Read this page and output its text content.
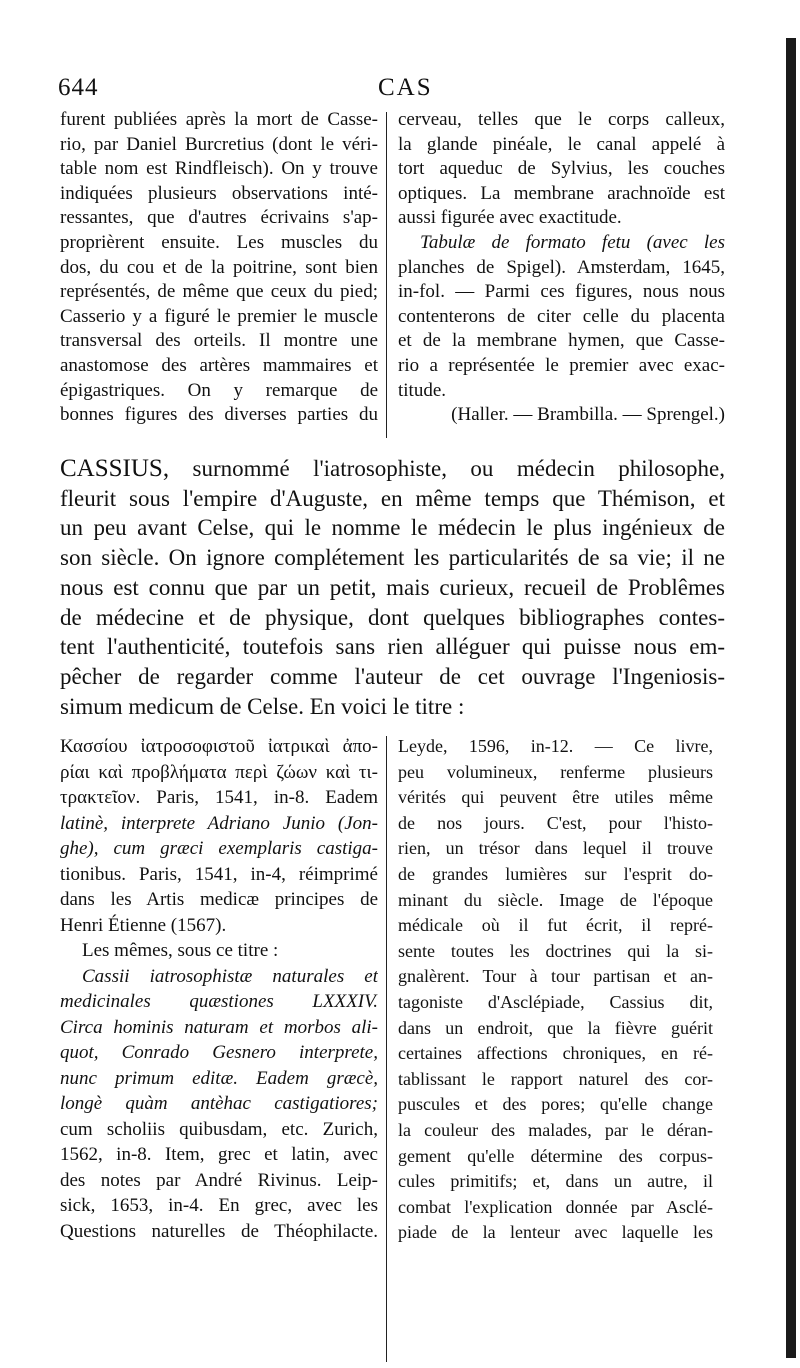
644	CAS
furent publiées après la mort de Casse-
rio, par Daniel Burcretius (dont le véri-
table nom est Rindfleisch). On y trouve
indiquées plusieurs observations inté-
ressantes, que d'autres écrivains s'ap-
proprièrent ensuite. Les muscles du
dos, du cou et de la poitrine, sont bien
représentés, de même que ceux du pied;
Casserio y a figuré le premier le muscle
transversal des orteils. Il montre une
anastomose des artères mammaires et
épigastriques. On y remarque de
bonnes figures des diverses parties du
cerveau, telles que le corps calleux,
la glande pinéale, le canal appelé à
tort aqueduc de Sylvius, les couches
optiques. La membrane arachnoïde est
aussi figurée avec exactitude.
Tabulæ de formato fetu (avec les
planches de Spigel). Amsterdam, 1645,
in-fol. — Parmi ces figures, nous nous
contenterons de citer celle du placenta
et de la membrane hymen, que Casse-
rio a représentée le premier avec exac-
titude.
(Haller. — Brambilla. — Sprengel.)
CASSIUS, surnommé l'iatrosophiste, ou médecin philosophe,
fleurit sous l'empire d'Auguste, en même temps que Thémison, et
un peu avant Celse, qui le nomme le médecin le plus ingénieux de
son siècle. On ignore complétement les particularités de sa vie; il ne
nous est connu que par un petit, mais curieux, recueil de Problêmes
de médecine et de physique, dont quelques bibliographes contes-
tent l'authenticité, toutefois sans rien alléguer qui puisse nous em-
pêcher de regarder comme l'auteur de cet ouvrage l'Ingeniosis-
simum medicum de Celse. En voici le titre :
Κασσίου ἰατροσοφιστοῦ ἰατρικαὶ ἀπο-
ρίαι καὶ προβλήματα περὶ ζώων καὶ τι-
τρακτεῖον. Paris, 1541, in-8. Eadem
latinè, interprete Adriano Junio (Jon-
ghe), cum græci exemplaris castiga-
tionibus. Paris, 1541, in-4, réimprimé
dans les Artis medicæ principes de
Henri Étienne (1567).
Les mêmes, sous ce titre :
Cassii iatrosophistæ naturales et
medicinales quæstiones LXXXIV.
Circa hominis naturam et morbos ali-
quot, Conrado Gesnero interprete,
nunc primum editæ. Eadem græcè,
longè quàm antèhac castigatiores;
cum scholiis quibusdam, etc. Zurich,
1562, in-8. Item, grec et latin, avec
des notes par André Rivinus. Leip-
sick, 1653, in-4. En grec, avec les
Questions naturelles de Théophilacte.
Leyde, 1596, in-12. — Ce livre,
peu volumineux, renferme plusieurs
vérités qui peuvent être utiles même
de nos jours. C'est, pour l'histo-
rien, un trésor dans lequel il trouve
de grandes lumières sur l'esprit do-
minant du siècle. Image de l'époque
médicale où il fut écrit, il repré-
sente toutes les doctrines qui la si-
gnalèrent. Tour à tour partisan et an-
tagoniste d'Asclépiade, Cassius dit,
dans un endroit, que la fièvre guérit
certaines affections chroniques, en ré-
tablissant le rapport naturel des cor-
puscules et des pores; qu'elle change
la couleur des malades, par le déran-
gement qu'elle détermine des corpus-
cules primitifs; et, dans un autre, il
combat l'explication donnée par Asclé-
piade de la lenteur avec laquelle les
